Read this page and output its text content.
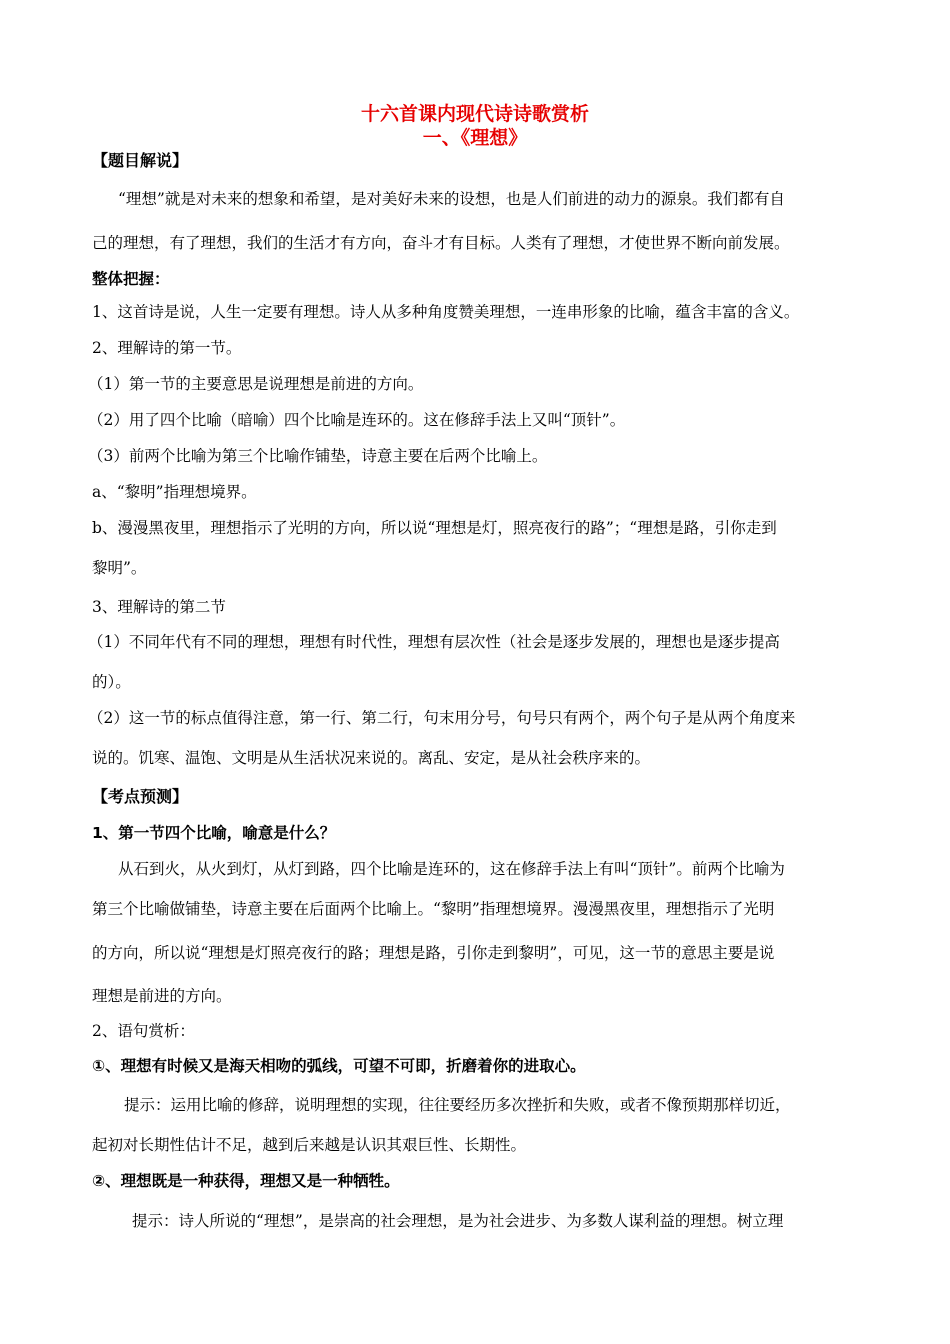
十六首课内现代诗诗歌赏析
一、《理想》
【题目解说】
“理想”就是对未来的想象和希望，是对美好未来的设想，也是人们前进的动力的源泉。我们都有自
己的理想，有了理想，我们的生活才有方向，奋斗才有目标。人类有了理想，才使世界不断向前发展。
整体把握：
1、这首诗是说，人生一定要有理想。诗人从多种角度赞美理想，一连串形象的比喻，蕴含丰富的含义。
2、理解诗的第一节。
（1）第一节的主要意思是说理想是前进的方向。
（2）用了四个比喻（暗喻）四个比喻是连环的。这在修辞手法上又叫“顶针”。
（3）前两个比喻为第三个比喻作铺垫，诗意主要在后两个比喻上。
a、“黎明”指理想境界。
b、漫漫黑夜里，理想指示了光明的方向，所以说“理想是灯，照亮夜行的路”；“理想是路，引你走到
黎明”。
3、理解诗的第二节
（1）不同年代有不同的理想，理想有时代性，理想有层次性（社会是逐步发展的，理想也是逐步提高
的）。
（2）这一节的标点值得注意，第一行、第二行，句末用分号，句号只有两个，两个句子是从两个角度来
说的。饥寒、温饱、文明是从生活状况来说的。离乱、安定，是从社会秩序来的。
【考点预测】
1、第一节四个比喻，喻意是什么？
从石到火，从火到灯，从灯到路，四个比喻是连环的，这在修辞手法上有叫“顶针”。前两个比喻为
第三个比喻做铺垫，诗意主要在后面两个比喻上。“黎明”指理想境界。漫漫黑夜里，理想指示了光明
的方向，所以说“理想是灯照亮夜行的路；理想是路，引你走到黎明”，可见，这一节的意思主要是说
理想是前进的方向。
2、语句赏析：
①、理想有时候又是海天相吻的弧线，可望不可即，折磨着你的进取心。
提示：运用比喻的修辞，说明理想的实现，往往要经历多次挫折和失败，或者不像预期那样切近，
起初对长期性估计不足，越到后来越是认识其艰巨性、长期性。
②、理想既是一种获得，理想又是一种牺牲。
提示：诗人所说的“理想”，是崇高的社会理想，是为社会进步、为多数人谋利益的理想。树立理
